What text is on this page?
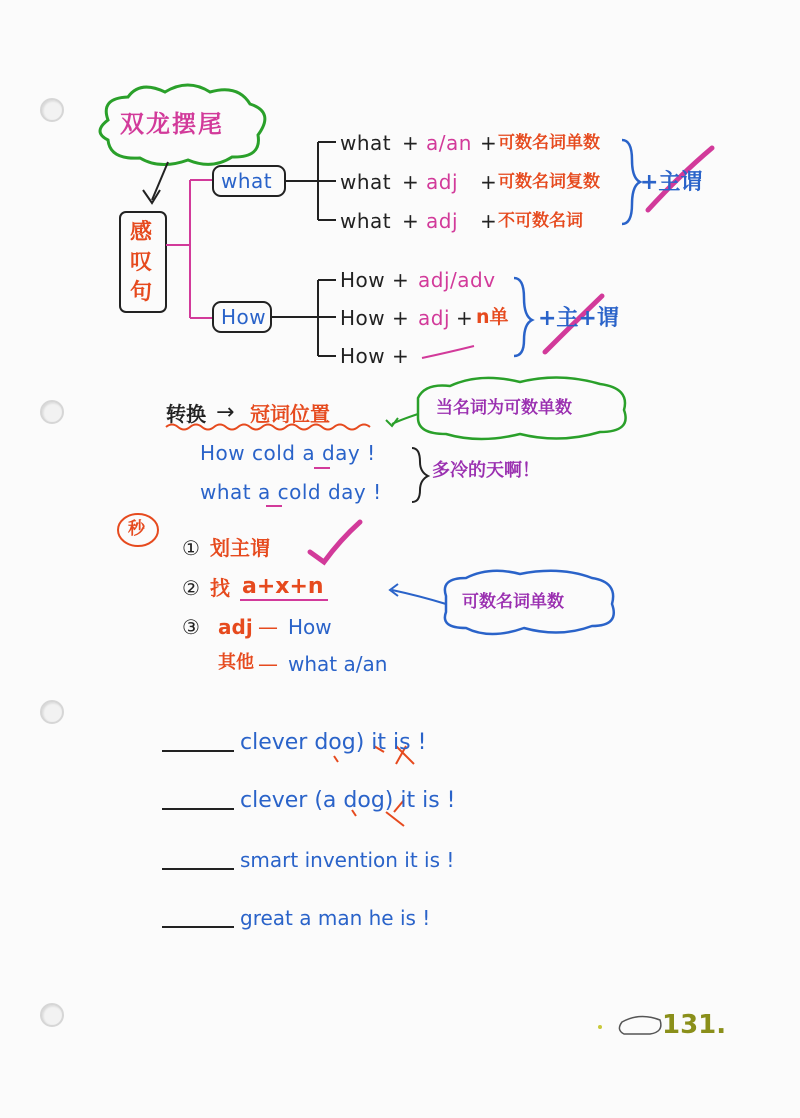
双龙摆尾
感
叹
句
what
what + a/an + 可数名词单数
what + adj + 可数名词复数
what + adj + 不可数名词
+主谓
How
How + adj/adv
How + adj + n单
How +
+主+谓
转换 → 冠词位置	当名词为可数单数
How cold a day !
what a cold day !
多冷的天啊！
秒
① 划主谓
② 找 a+x+n
③ adj — How
其他 — what a/an
可数名词单数
clever dog) it is !
clever (a dog) it is !
smart invention it is !
great a man he is !
131.
